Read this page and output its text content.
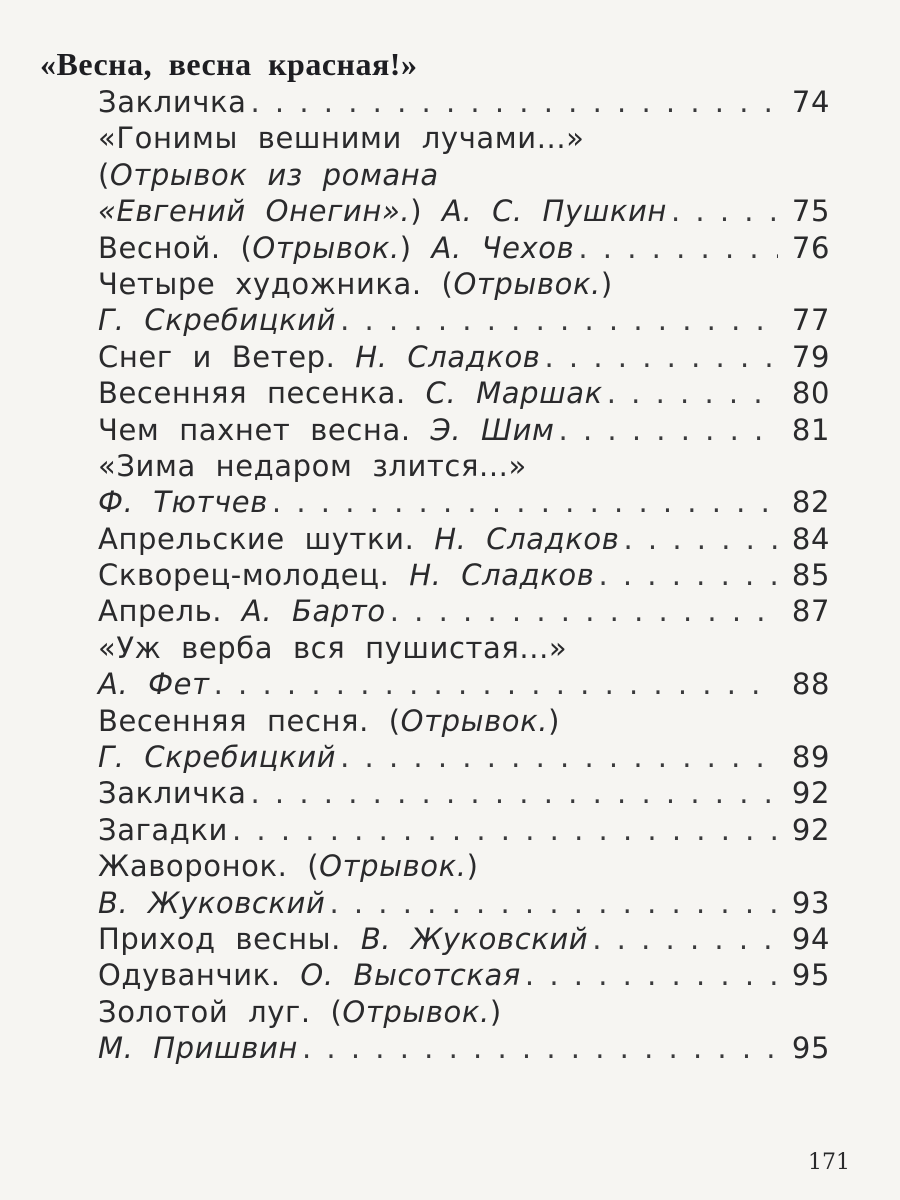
«Весна, весна красная!»
Закличка . . .	74
«Гонимы вешними лучами...»
(Отрывок из романа
«Евгений Онегин».) А. С. Пушкин . . .	75
Весной. (Отрывок.) А. Чехов . . .	76
Четыре художника. (Отрывок.)
Г. Скребицкий . . .	77
Снег и Ветер. Н. Сладков . . .	79
Весенняя песенка. С. Маршак . . .	80
Чем пахнет весна. Э. Шим . . .	81
«Зима недаром злится...»
Ф. Тютчев . . .	82
Апрельские шутки. Н. Сладков . . .	84
Скворец-молодец. Н. Сладков . . .	85
Апрель. А. Барто . . .	87
«Уж верба вся пушистая...»
А. Фет . . .	88
Весенняя песня. (Отрывок.)
Г. Скребицкий . . .	89
Закличка . . .	92
Загадки . . .	92
Жаворонок. (Отрывок.)
В. Жуковский . . .	93
Приход весны. В. Жуковский . . .	94
Одуванчик. О. Высотская . . .	95
Золотой луг. (Отрывок.)
М. Пришвин . . .	95
171
